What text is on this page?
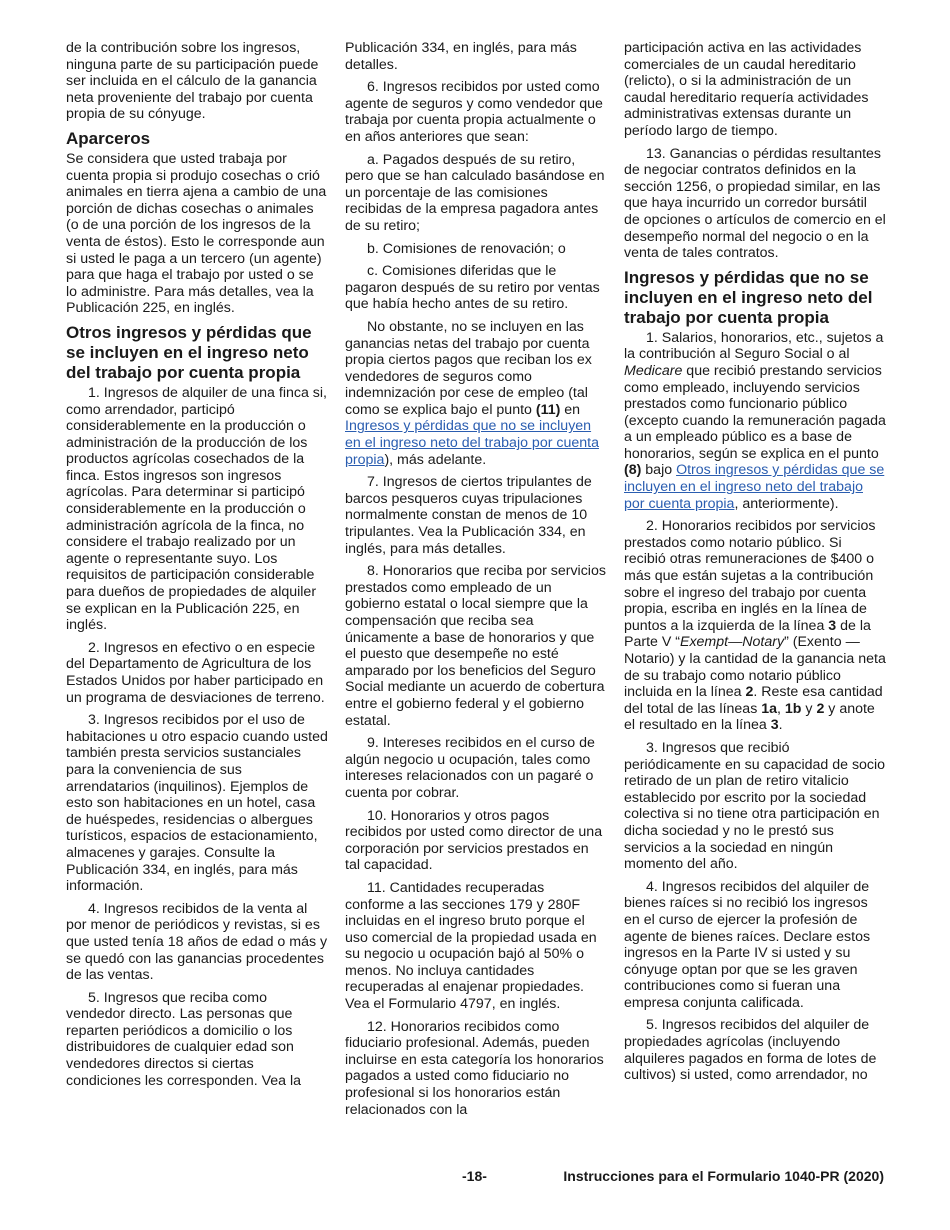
de la contribución sobre los ingresos, ninguna parte de su participación puede ser incluida en el cálculo de la ganancia neta proveniente del trabajo por cuenta propia de su cónyuge.

Aparceros

Se considera que usted trabaja por cuenta propia si produjo cosechas o crió animales en tierra ajena a cambio de una porción de dichas cosechas o animales (o de una porción de los ingresos de la venta de éstos). Esto le corresponde aun si usted le paga a un tercero (un agente) para que haga el trabajo por usted o se lo administre. Para más detalles, vea la Publicación 225, en inglés.

Otros ingresos y pérdidas que se incluyen en el ingreso neto del trabajo por cuenta propia

1. Ingresos de alquiler de una finca si, como arrendador, participó considerablemente en la producción o administración de la producción de los productos agrícolas cosechados de la finca. Estos ingresos son ingresos agrícolas. Para determinar si participó considerablemente en la producción o administración agrícola de la finca, no considere el trabajo realizado por un agente o representante suyo. Los requisitos de participación considerable para dueños de propiedades de alquiler se explican en la Publicación 225, en inglés.

2. Ingresos en efectivo o en especie del Departamento de Agricultura de los Estados Unidos por haber participado en un programa de desviaciones de terreno.

3. Ingresos recibidos por el uso de habitaciones u otro espacio cuando usted también presta servicios sustanciales para la conveniencia de sus arrendatarios (inquilinos). Ejemplos de esto son habitaciones en un hotel, casa de huéspedes, residencias o albergues turísticos, espacios de estacionamiento, almacenes y garajes. Consulte la Publicación 334, en inglés, para más información.

4. Ingresos recibidos de la venta al por menor de periódicos y revistas, si es que usted tenía 18 años de edad o más y se quedó con las ganancias procedentes de las ventas.

5. Ingresos que reciba como vendedor directo. Las personas que reparten periódicos a domicilio o los distribuidores de cualquier edad son vendedores directos si ciertas condiciones les corresponden. Vea la

Publicación 334, en inglés, para más detalles.

6. Ingresos recibidos por usted como agente de seguros y como vendedor que trabaja por cuenta propia actualmente o en años anteriores que sean:

a. Pagados después de su retiro, pero que se han calculado basándose en un porcentaje de las comisiones recibidas de la empresa pagadora antes de su retiro;

b. Comisiones de renovación; o

c. Comisiones diferidas que le pagaron después de su retiro por ventas que había hecho antes de su retiro.

No obstante, no se incluyen en las ganancias netas del trabajo por cuenta propia ciertos pagos que reciban los ex vendedores de seguros como indemnización por cese de empleo (tal como se explica bajo el punto (11) en Ingresos y pérdidas que no se incluyen en el ingreso neto del trabajo por cuenta propia), más adelante.

7. Ingresos de ciertos tripulantes de barcos pesqueros cuyas tripulaciones normalmente constan de menos de 10 tripulantes. Vea la Publicación 334, en inglés, para más detalles.

8. Honorarios que reciba por servicios prestados como empleado de un gobierno estatal o local siempre que la compensación que reciba sea únicamente a base de honorarios y que el puesto que desempeñe no esté amparado por los beneficios del Seguro Social mediante un acuerdo de cobertura entre el gobierno federal y el gobierno estatal.

9. Intereses recibidos en el curso de algún negocio u ocupación, tales como intereses relacionados con un pagaré o cuenta por cobrar.

10. Honorarios y otros pagos recibidos por usted como director de una corporación por servicios prestados en tal capacidad.

11. Cantidades recuperadas conforme a las secciones 179 y 280F incluidas en el ingreso bruto porque el uso comercial de la propiedad usada en su negocio u ocupación bajó al 50% o menos. No incluya cantidades recuperadas al enajenar propiedades. Vea el Formulario 4797, en inglés.

12. Honorarios recibidos como fiduciario profesional. Además, pueden incluirse en esta categoría los honorarios pagados a usted como fiduciario no profesional si los honorarios están relacionados con la

participación activa en las actividades comerciales de un caudal hereditario (relicto), o si la administración de un caudal hereditario requería actividades administrativas extensas durante un período largo de tiempo.

13. Ganancias o pérdidas resultantes de negociar contratos definidos en la sección 1256, o propiedad similar, en las que haya incurrido un corredor bursátil de opciones o artículos de comercio en el desempeño normal del negocio o en la venta de tales contratos.

Ingresos y pérdidas que no se incluyen en el ingreso neto del trabajo por cuenta propia

1. Salarios, honorarios, etc., sujetos a la contribución al Seguro Social o al Medicare que recibió prestando servicios como empleado, incluyendo servicios prestados como funcionario público (excepto cuando la remuneración pagada a un empleado público es a base de honorarios, según se explica en el punto (8) bajo Otros ingresos y pérdidas que se incluyen en el ingreso neto del trabajo por cuenta propia, anteriormente).

2. Honorarios recibidos por servicios prestados como notario público. Si recibió otras remuneraciones de $400 o más que están sujetas a la contribución sobre el ingreso del trabajo por cuenta propia, escriba en inglés en la línea de puntos a la izquierda de la línea 3 de la Parte V “Exempt—Notary” (Exento —Notario) y la cantidad de la ganancia neta de su trabajo como notario público incluida en la línea 2. Reste esa cantidad del total de las líneas 1a, 1b y 2 y anote el resultado en la línea 3.

3. Ingresos que recibió periódicamente en su capacidad de socio retirado de un plan de retiro vitalicio establecido por escrito por la sociedad colectiva si no tiene otra participación en dicha sociedad y no le prestó sus servicios a la sociedad en ningún momento del año.

4. Ingresos recibidos del alquiler de bienes raíces si no recibió los ingresos en el curso de ejercer la profesión de agente de bienes raíces. Declare estos ingresos en la Parte IV si usted y su cónyuge optan por que se les graven contribuciones como si fueran una empresa conjunta calificada.

5. Ingresos recibidos del alquiler de propiedades agrícolas (incluyendo alquileres pagados en forma de lotes de cultivos) si usted, como arrendador, no

-18-	Instrucciones para el Formulario 1040-PR (2020)
